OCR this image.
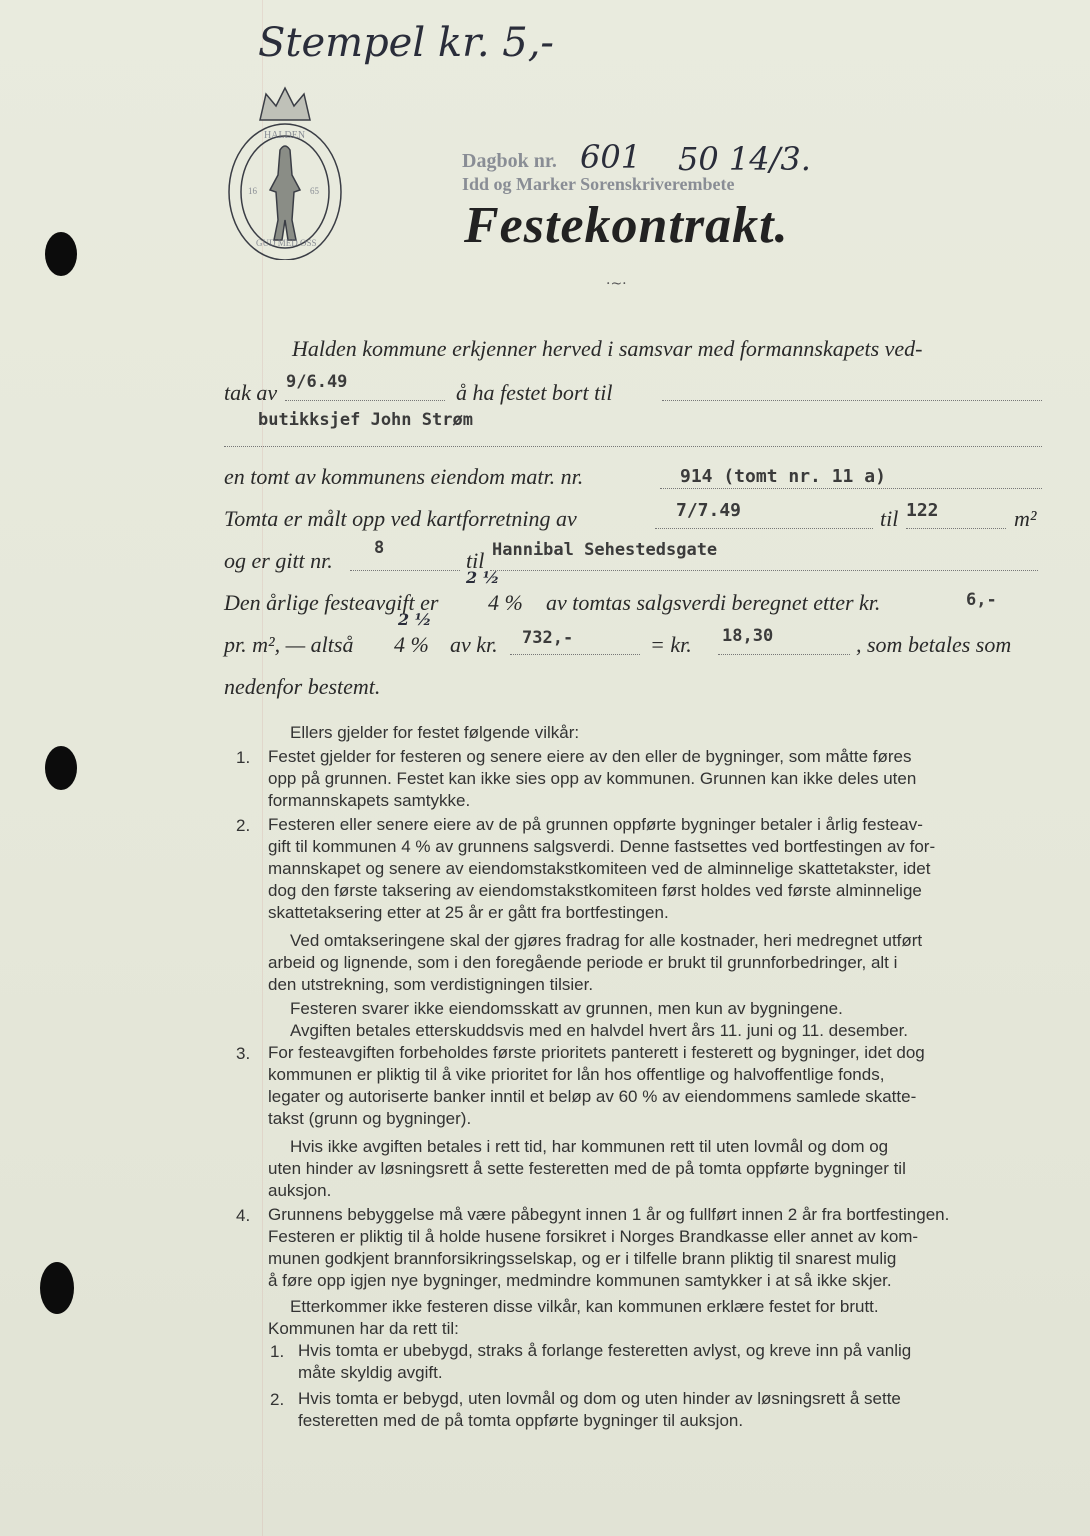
Stempel kr. 5,-
HALDEN
16	65
GUD MED OSS
Dagbok nr. 601 50 14/3.
Idd og Marker Sorenskriverembete
Festekontrakt.
·~·
Halden kommune erkjenner herved i samsvar med formannskapets ved-
tak av 9/6.49	å ha festet bort til
butikksjef John Strøm
en tomt av kommunens eiendom matr. nr.	914 (tomt nr. 11 a)
Tomta er målt opp ved kartforretning av	7/7.49	til 122	m²
og er gitt nr. 8	til Hannibal Sehestedsgate
2 ½
Den årlige festeavgift er 4 % av tomtas salgsverdi beregnet etter kr.	6,-
2 ½
pr. m², — altså 4 % av kr. 732,-	= kr. 18,30	, som betales som
nedenfor bestemt.
Ellers gjelder for festet følgende vilkår:
1. Festet gjelder for festeren og senere eiere av den eller de bygninger, som måtte føres
opp på grunnen. Festet kan ikke sies opp av kommunen. Grunnen kan ikke deles uten
formannskapets samtykke.
2. Festeren eller senere eiere av de på grunnen oppførte bygninger betaler i årlig festeav-
gift til kommunen 4 % av grunnens salgsverdi. Denne fastsettes ved bortfestingen av for-
mannskapet og senere av eiendomstakstkomiteen ved de alminnelige skattetakster, idet
dog den første taksering av eiendomstakstkomiteen først holdes ved første alminnelige
skattetaksering etter at 25 år er gått fra bortfestingen.
Ved omtakseringene skal der gjøres fradrag for alle kostnader, heri medregnet utført
arbeid og lignende, som i den foregående periode er brukt til grunnforbedringer, alt i
den utstrekning, som verdistigningen tilsier.
Festeren svarer ikke eiendomsskatt av grunnen, men kun av bygningene.
Avgiften betales etterskuddsvis med en halvdel hvert års 11. juni og 11. desember.
3. For festeavgiften forbeholdes første prioritets panterett i festerett og bygninger, idet dog
kommunen er pliktig til å vike prioritet for lån hos offentlige og halvoffentlige fonds,
legater og autoriserte banker inntil et beløp av 60 % av eiendommens samlede skatte-
takst (grunn og bygninger).
Hvis ikke avgiften betales i rett tid, har kommunen rett til uten lovmål og dom og
uten hinder av løsningsrett å sette festeretten med de på tomta oppførte bygninger til
auksjon.
4. Grunnens bebyggelse må være påbegynt innen 1 år og fullført innen 2 år fra bortfestingen.
Festeren er pliktig til å holde husene forsikret i Norges Brandkasse eller annet av kom-
munen godkjent brannforsikringsselskap, og er i tilfelle brann pliktig til snarest mulig
å føre opp igjen nye bygninger, medmindre kommunen samtykker i at så ikke skjer.
Etterkommer ikke festeren disse vilkår, kan kommunen erklære festet for brutt.
Kommunen har da rett til:
1. Hvis tomta er ubebygd, straks å forlange festeretten avlyst, og kreve inn på vanlig
måte skyldig avgift.
2. Hvis tomta er bebygd, uten lovmål og dom og uten hinder av løsningsrett å sette
festeretten med de på tomta oppførte bygninger til auksjon.
